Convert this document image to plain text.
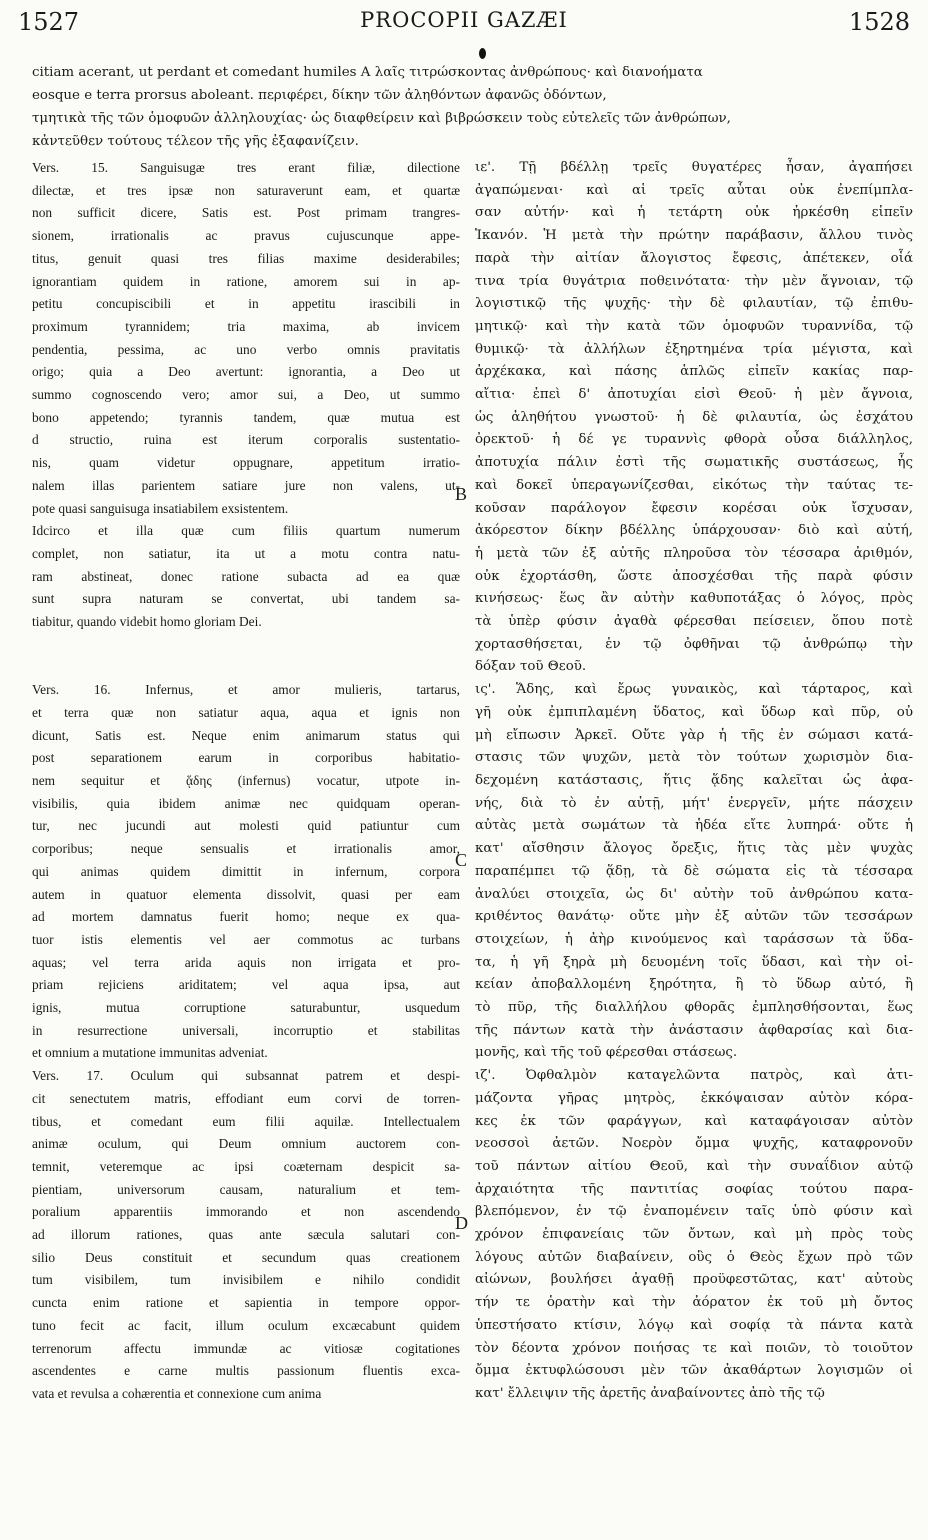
1527	PROCOPII GAZÆI	1528
citiam acerant, ut perdant et comedant humiles A λαῖς τιτρώσκοντας ἀνθρώπους· καὶ διανοήματα
eosque e terra prorsus aboleant. περιφέρει, δίκην τῶν ἀληθόντων ἀφανῶς ὀδόντων,
τμητικὰ τῆς τῶν ὁμοφυῶν ἀλληλουχίας· ὡς διαφθείρειν καὶ βιβρώσκειν τοὺς εὐτελεῖς τῶν ἀνθρώπων,
κἀντεῦθεν τούτους τέλεον τῆς γῆς ἐξαφανίζειν.
B
C
D
Vers. 15. Sanguisugæ tres erant filiæ, dilectione
dilectæ, et tres ipsæ non saturaverunt eam, et quartæ
non sufficit dicere, Satis est. Post primam trangres-
sionem, irrationalis ac pravus cujuscunque appe-
titus, genuit quasi tres filias maxime desiderabiles;
ignorantiam quidem in ratione, amorem sui in ap-
petitu concupiscibili et in appetitu irascibili in
proximum tyrannidem; tria maxima, ab invicem
pendentia, pessima, ac uno verbo omnis pravitatis
origo; quia a Deo avertunt: ignorantia, a Deo ut
summo cognoscendo vero; amor sui, a Deo, ut summo
bono appetendo; tyrannis tandem, quæ mutua est
d structio, ruina est iterum corporalis sustentatio-
nis, quam videtur oppugnare, appetitum irratio-
nalem illas parientem satiare jure non valens, ut-
pote quasi sanguisuga insatiabilem exsistentem.
Idcirco et illa quæ cum filiis quartum numerum
complet, non satiatur, ita ut a motu contra natu-
ram abstineat, donec ratione subacta ad ea quæ
sunt supra naturam se convertat, ubi tandem sa-
tiabitur, quando videbit homo gloriam Dei.

Vers. 16. Infernus, et amor mulieris, tartarus,
et terra quæ non satiatur aqua, aqua et ignis non
dicunt, Satis est. Neque enim animarum status qui
post separationem earum in corporibus habitatio-
nem sequitur et ᾅδης (infernus) vocatur, utpote in-
visibilis, quia ibidem animæ nec quidquam operan-
tur, nec jucundi aut molesti quid patiuntur cum
corporibus; neque sensualis et irrationalis amor,
qui animas quidem dimittit in infernum, corpora
autem in quatuor elementa dissolvit, quasi per eam
ad mortem damnatus fuerit homo; neque ex qua-
tuor istis elementis vel aer commotus ac turbans
aquas; vel terra arida aquis non irrigata et pro-
priam rejiciens ariditatem; vel aqua ipsa, aut
ignis, mutua corruptione saturabuntur, usquedum
in resurrectione universali, incorruptio et stabilitas
et omnium a mutatione immunitas adveniat.
Vers. 17. Oculum qui subsannat patrem et despi-
cit senectutem matris, effodiant eum corvi de torren-
tibus, et comedant eum filii aquilæ. Intellectualem
animæ oculum, qui Deum omnium auctorem con-
temnit, veteremque ac ipsi coæternam despicit sa-
pientiam, universorum causam, naturalium et tem-
poralium apparentiis immorando et non ascendendo
ad illorum rationes, quas ante sæcula salutari con-
silio Deus constituit et secundum quas creationem
tum visibilem, tum invisibilem e nihilo condidit
cuncta enim ratione et sapientia in tempore oppor-
tuno fecit ac facit, illum oculum excæcabunt quidem
terrenorum affectu immundæ ac vitiosæ cogitationes
ascendentes e carne multis passionum fluentis exca-
vata et revulsa a cohærentia et connexione cum anima
ιε'. Τῇ βδέλλῃ τρεῖς θυγατέρες ἦσαν, ἀγαπήσει
ἀγαπώμεναι· καὶ αἱ τρεῖς αὗται οὐκ ἐνεπίμπλα-
σαν αὐτήν· καὶ ἡ τετάρτη οὐκ ἠρκέσθη εἰπεῖν
Ἱκανόν. Ἡ μετὰ τὴν πρώτην παράβασιν, ἄλλου τινὸς
παρὰ τὴν αἰτίαν ἄλογιστος ἔφεσις, ἀπέτεκεν, οἷά
τινα τρία θυγάτρια ποθεινότατα· τὴν μὲν ἄγνοιαν, τῷ
λογιστικῷ τῆς ψυχῆς· τὴν δὲ φιλαυτίαν, τῷ ἐπιθυ-
μητικῷ· καὶ τὴν κατὰ τῶν ὁμοφυῶν τυραννίδα, τῷ
θυμικῷ· τὰ ἀλλήλων ἐξηρτημένα τρία μέγιστα, καὶ
ἀρχέκακα, καὶ πάσης ἁπλῶς εἰπεῖν κακίας παρ-
αἴτια· ἐπεὶ δ' ἀποτυχίαι εἰσὶ Θεοῦ· ἡ μὲν ἄγνοια,
ὡς ἀληθήτου γνωστοῦ· ἡ δὲ φιλαυτία, ὡς ἐσχάτου
ὀρεκτοῦ· ἡ δέ γε τυραννὶς φθορὰ οὖσα διάλληλος,
ἀποτυχία πάλιν ἐστὶ τῆς σωματικῆς συστάσεως, ἧς
καὶ δοκεῖ ὑπεραγωνίζεσθαι, εἰκότως τὴν ταύτας τε-
κοῦσαν παράλογον ἔφεσιν κορέσαι οὐκ ἴσχυσαν,
ἀκόρεστον δίκην βδέλλης ὑπάρχουσαν· διὸ καὶ αὐτή,
ἡ μετὰ τῶν ἐξ αὐτῆς πληροῦσα τὸν τέσσαρα ἀριθμόν,
οὐκ ἐχορτάσθη, ὥστε ἀποσχέσθαι τῆς παρὰ φύσιν
κινήσεως· ἕως ἂν αὐτὴν καθυποτάξας ὁ λόγος, πρὸς
τὰ ὑπὲρ φύσιν ἀγαθὰ φέρεσθαι πείσειεν, ὅπου ποτὲ
χορτασθήσεται, ἐν τῷ ὀφθῆναι τῷ ἀνθρώπῳ τὴν
δόξαν τοῦ Θεοῦ.
ις'. Ἅδης, καὶ ἔρως γυναικὸς, καὶ τάρταρος, καὶ
γῆ οὐκ ἐμπιπλαμένη ὕδατος, καὶ ὕδωρ καὶ πῦρ, οὐ
μὴ εἴπωσιν Ἀρκεῖ. Οὔτε γὰρ ἡ τῆς ἐν σώμασι κατά-
στασις τῶν ψυχῶν, μετὰ τὸν τούτων χωρισμὸν δια-
δεχομένη κατάστασις, ἥτις ᾅδης καλεῖται ὡς ἀφα-
νής, διὰ τὸ ἐν αὐτῇ, μήτ' ἐνεργεῖν, μήτε πάσχειν
αὐτὰς μετὰ σωμάτων τὰ ἡδέα εἴτε λυπηρά· οὔτε ἡ
κατ' αἴσθησιν ἄλογος ὄρεξις, ἥτις τὰς μὲν ψυχὰς
παραπέμπει τῷ ᾅδῃ, τὰ δὲ σώματα εἰς τὰ τέσσαρα
ἀναλύει στοιχεῖα, ὡς δι' αὐτὴν τοῦ ἀνθρώπου κατα-
κριθέντος θανάτῳ· οὔτε μὴν ἐξ αὐτῶν τῶν τεσσάρων
στοιχείων, ἡ ἀὴρ κινούμενος καὶ ταράσσων τὰ ὕδα-
τα, ἡ γῆ ξηρὰ μὴ δευομένη τοῖς ὕδασι, καὶ τὴν οἰ-
κείαν ἀποβαλλομένη ξηρότητα, ἢ τὸ ὕδωρ αὐτό, ἢ
τὸ πῦρ, τῆς διαλλήλου φθορᾶς ἐμπλησθήσονται, ἕως
τῆς πάντων κατὰ τὴν ἀνάστασιν ἀφθαρσίας καὶ δια-
μονῆς, καὶ τῆς τοῦ φέρεσθαι στάσεως.
ιζ'. Ὀφθαλμὸν καταγελῶντα πατρὸς, καὶ ἀτι-
μάζοντα γῆρας μητρὸς, ἐκκόψαισαν αὐτὸν κόρα-
κες ἐκ τῶν φαράγγων, καὶ καταφάγοισαν αὐτὸν
νεοσσοὶ ἀετῶν. Νοερὸν ὄμμα ψυχῆς, καταφρονοῦν
τοῦ πάντων αἰτίου Θεοῦ, καὶ τὴν συναΐδιον αὐτῷ
ἀρχαιότητα τῆς παντιτίας σοφίας τούτου παρα-
βλεπόμενον, ἐν τῷ ἐναπομένειν ταῖς ὑπὸ φύσιν καὶ
χρόνον ἐπιφανείαις τῶν ὄντων, καὶ μὴ πρὸς τοὺς
λόγους αὐτῶν διαβαίνειν, οὓς ὁ Θεὸς ἔχων πρὸ τῶν
αἰώνων, βουλήσει ἀγαθῇ προϋφεστῶτας, κατ' αὐτοὺς
τήν τε ὁρατὴν καὶ τὴν ἀόρατον ἐκ τοῦ μὴ ὄντος
ὑπεστήσατο κτίσιν, λόγῳ καὶ σοφίᾳ τὰ πάντα κατὰ
τὸν δέοντα χρόνον ποιήσας τε καὶ ποιῶν, τὸ τοιοῦτον
ὄμμα ἐκτυφλώσουσι μὲν τῶν ἀκαθάρτων λογισμῶν οἱ
κατ' ἔλλειψιν τῆς ἀρετῆς ἀναβαίνοντες ἀπὸ τῆς τῷ
